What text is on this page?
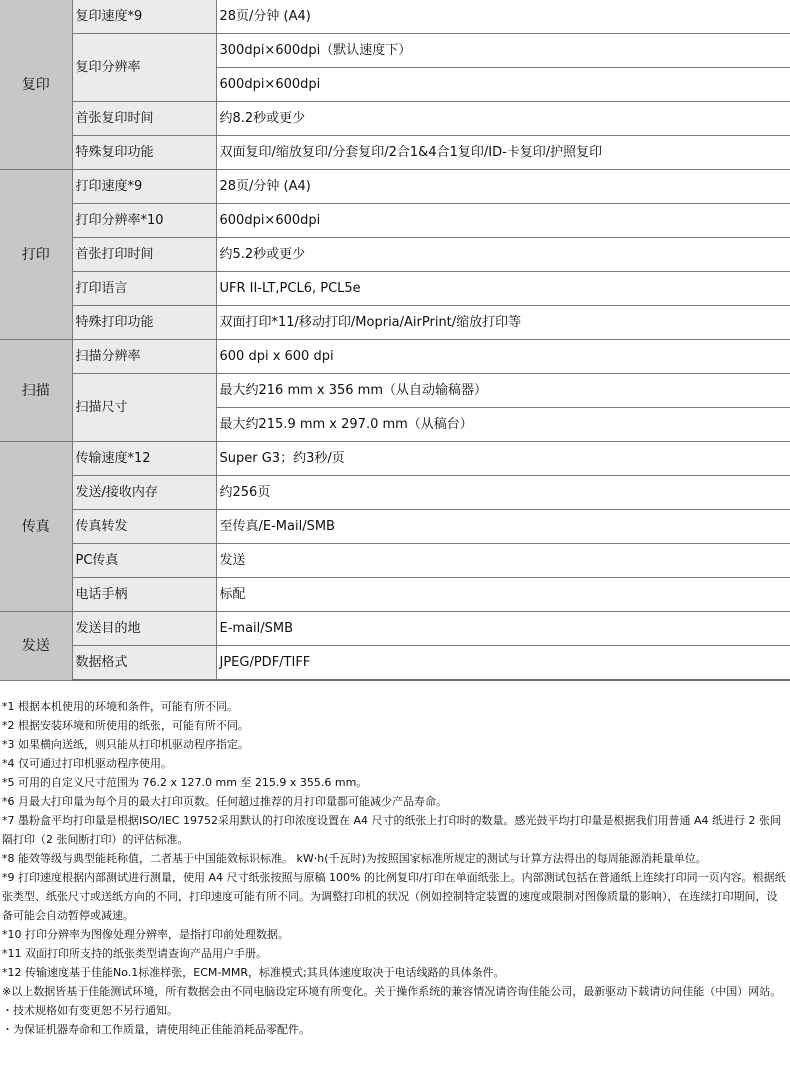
复印	复印速度*9	28页/分钟 (A4)
	复印分辨率	300dpi×600dpi（默认速度下）
		600dpi×600dpi
	首张复印时间	约8.2秒或更少
	特殊复印功能	双面复印/缩放复印/分套复印/2合1&4合1复印/ID-卡复印/护照复印
打印	打印速度*9	28页/分钟 (A4)
	打印分辨率*10	600dpi×600dpi
	首张打印时间	约5.2秒或更少
	打印语言	UFR II-LT,PCL6, PCL5e
	特殊打印功能	双面打印*11/移动打印/Mopria/AirPrint/缩放打印等
扫描	扫描分辨率	600 dpi x 600 dpi
	扫描尺寸	最大约216 mm x 356 mm（从自动输稿器）
		最大约215.9 mm x 297.0 mm（从稿台）
传真	传输速度*12	Super G3；约3秒/页
	发送/接收内存	约256页
	传真转发	至传真/E-Mail/SMB
	PC传真	发送
	电话手柄	标配
发送	发送目的地	E-mail/SMB
	数据格式	JPEG/PDF/TIFF

*1 根据本机使用的环境和条件，可能有所不同。

*2 根据安装环境和所使用的纸张，可能有所不同。

*3 如果横向送纸，则只能从打印机驱动程序指定。

*4 仅可通过打印机驱动程序使用。

*5 可用的自定义尺寸范围为 76.2 x 127.0 mm 至 215.9 x 355.6 mm。

*6 月最大打印量为每个月的最大打印页数。任何超过推荐的月打印量都可能减少产品寿命。

*7 墨粉盒平均打印量是根据ISO/IEC 19752采用默认的打印浓度设置在 A4 尺寸的纸张上打印时的数量。感光鼓平均打印量是根据我们用普通 A4 纸进行 2 张间隔打印（2 张间断打印）的评估标准。

*8 能效等级与典型能耗称值，二者基于中国能效标识标准。 kW·h(千瓦时)为按照国家标准所规定的测试与计算方法得出的每周能源消耗量单位。

*9 打印速度根据内部测试进行测量，使用 A4 尺寸纸张按照与原稿 100% 的比例复印/打印在单面纸张上。内部测试包括在普通纸上连续打印同一页内容。根据纸张类型、纸张尺寸或送纸方向的不同，打印速度可能有所不同。为调整打印机的状况（例如控制特定装置的速度或限制对图像质量的影响），在连续打印期间，设备可能会自动暂停或减速。

*10 打印分辨率为图像处理分辨率，是指打印前处理数据。

*11 双面打印所支持的纸张类型请查询产品用户手册。

*12 传输速度基于佳能No.1标准样张，ECM-MMR，标准模式;其具体速度取决于电话线路的具体条件。

※以上数据皆基于佳能测试环境，所有数据会由不同电脑设定环境有所变化。关于操作系统的兼容情况请咨询佳能公司，最新驱动下载请访问佳能（中国）网站。

・技术规格如有变更恕不另行通知。

・为保证机器寿命和工作质量，请使用纯正佳能消耗品零配件。
